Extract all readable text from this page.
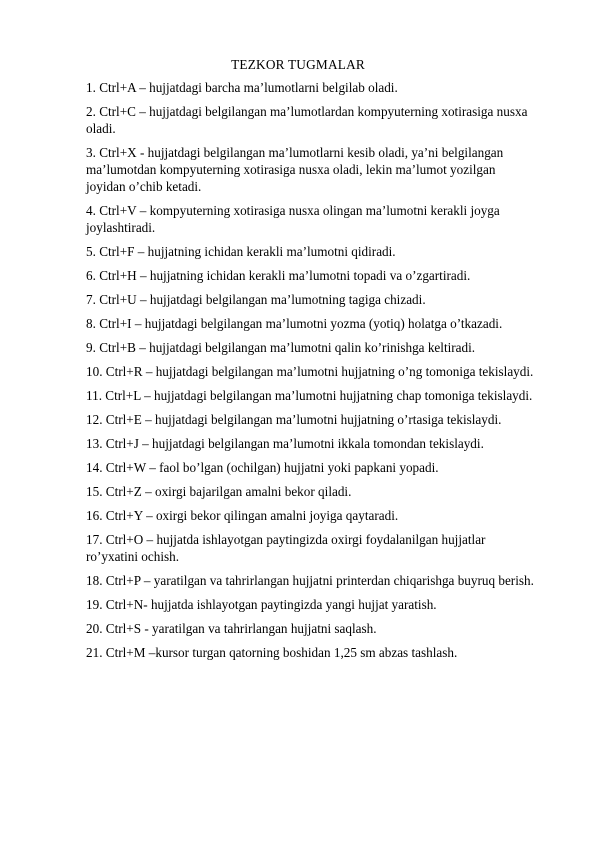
TEZKOR TUGMALAR
1. Ctrl+A – hujjatdagi barcha ma’lumotlarni belgilab oladi.
2. Ctrl+C – hujjatdagi belgilangan ma’lumotlardan kompyuterning xotirasiga nusxa oladi.
3. Ctrl+X - hujjatdagi belgilangan ma’lumotlarni kesib oladi, ya’ni belgilangan ma’lumotdan kompyuterning xotirasiga nusxa oladi, lekin ma’lumot yozilgan joyidan o’chib ketadi.
4. Ctrl+V – kompyuterning xotirasiga nusxa olingan ma’lumotni kerakli joyga joylashtiradi.
5. Ctrl+F – hujjatning ichidan kerakli ma’lumotni qidiradi.
6. Ctrl+H – hujjatning ichidan kerakli ma’lumotni topadi va o’zgartiradi.
7. Ctrl+U – hujjatdagi belgilangan ma’lumotning tagiga chizadi.
8. Ctrl+I – hujjatdagi belgilangan ma’lumotni yozma (yotiq) holatga o’tkazadi.
9. Ctrl+B – hujjatdagi belgilangan ma’lumotni qalin ko’rinishga keltiradi.
10. Ctrl+R – hujjatdagi belgilangan ma’lumotni hujjatning o’ng tomoniga tekislaydi.
11. Ctrl+L – hujjatdagi belgilangan ma’lumotni hujjatning chap tomoniga tekislaydi.
12. Ctrl+E – hujjatdagi belgilangan ma’lumotni hujjatning o’rtasiga tekislaydi.
13. Ctrl+J – hujjatdagi belgilangan ma’lumotni ikkala tomondan tekislaydi.
14. Ctrl+W – faol bo’lgan (ochilgan) hujjatni yoki papkani yopadi.
15. Ctrl+Z – oxirgi bajarilgan amalni bekor qiladi.
16. Ctrl+Y – oxirgi bekor qilingan amalni joyiga qaytaradi.
17. Ctrl+O – hujjatda ishlayotgan paytingizda oxirgi foydalanilgan hujjatlar ro’yxatini ochish.
18. Ctrl+P – yaratilgan va tahrirlangan hujjatni printerdan chiqarishga buyruq berish.
19. Ctrl+N- hujjatda ishlayotgan paytingizda yangi hujjat yaratish.
20. Ctrl+S - yaratilgan va tahrirlangan hujjatni saqlash.
21. Ctrl+M –kursor turgan qatorning boshidan 1,25 sm abzas tashlash.
